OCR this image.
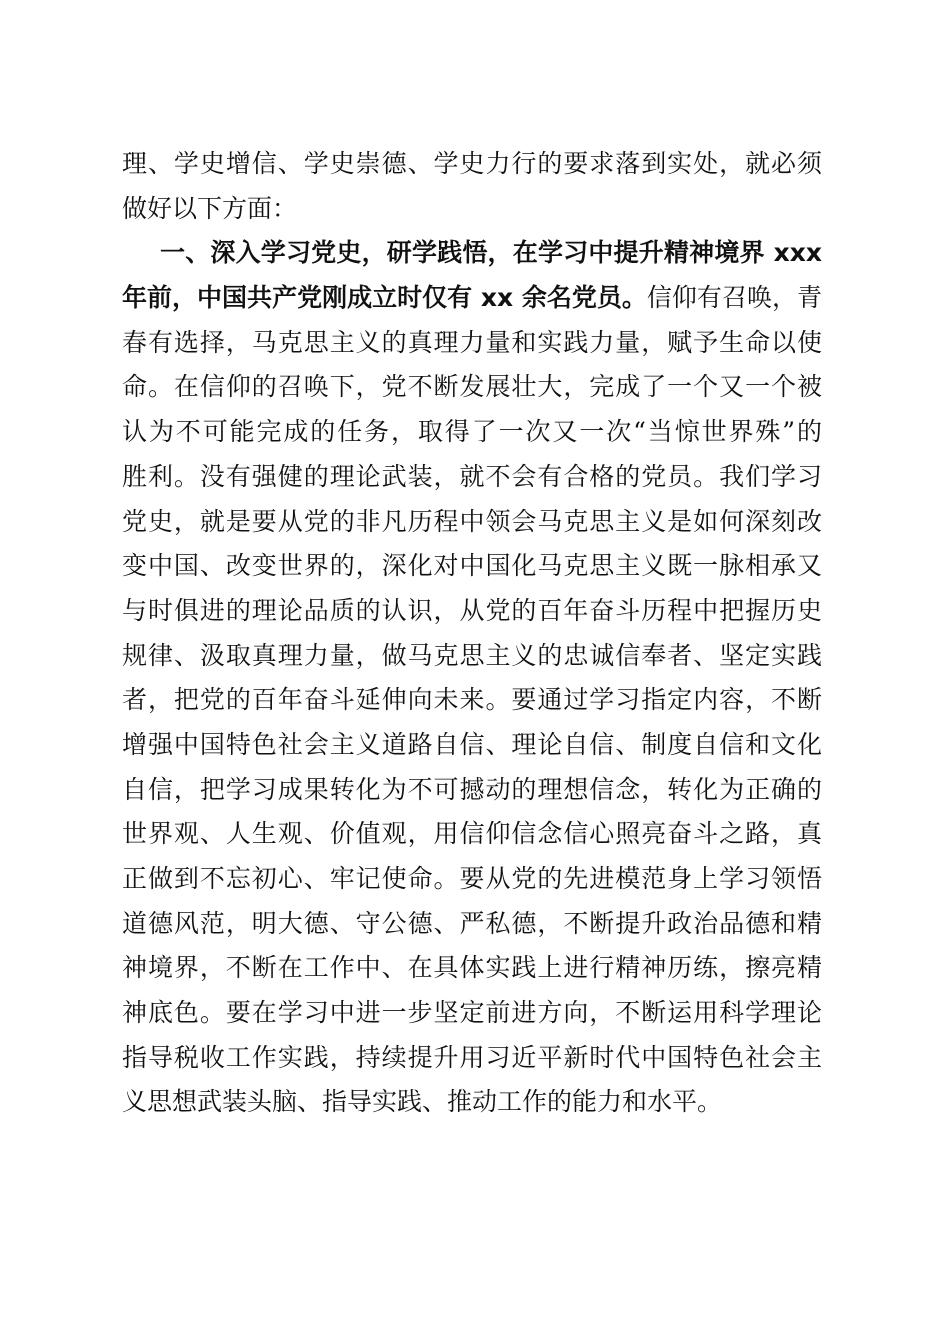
理、学史增信、学史崇德、学史力行的要求落到实处，就必须
做好以下方面：
一、深入学习党史，研学践悟，在学习中提升精神境界 xxx
年前，中国共产党刚成立时仅有 xx 余名党员。信仰有召唤，青
春有选择，马克思主义的真理力量和实践力量，赋予生命以使
命。在信仰的召唤下，党不断发展壮大，完成了一个又一个被
认为不可能完成的任务，取得了一次又一次“当惊世界殊”的
胜利。没有强健的理论武装，就不会有合格的党员。我们学习
党史，就是要从党的非凡历程中领会马克思主义是如何深刻改
变中国、改变世界的，深化对中国化马克思主义既一脉相承又
与时俱进的理论品质的认识，从党的百年奋斗历程中把握历史
规律、汲取真理力量，做马克思主义的忠诚信奉者、坚定实践
者，把党的百年奋斗延伸向未来。要通过学习指定内容，不断
增强中国特色社会主义道路自信、理论自信、制度自信和文化
自信，把学习成果转化为不可撼动的理想信念，转化为正确的
世界观、人生观、价值观，用信仰信念信心照亮奋斗之路，真
正做到不忘初心、牢记使命。要从党的先进模范身上学习领悟
道德风范，明大德、守公德、严私德，不断提升政治品德和精
神境界，不断在工作中、在具体实践上进行精神历练，擦亮精
神底色。要在学习中进一步坚定前进方向，不断运用科学理论
指导税收工作实践，持续提升用习近平新时代中国特色社会主
义思想武装头脑、指导实践、推动工作的能力和水平。
